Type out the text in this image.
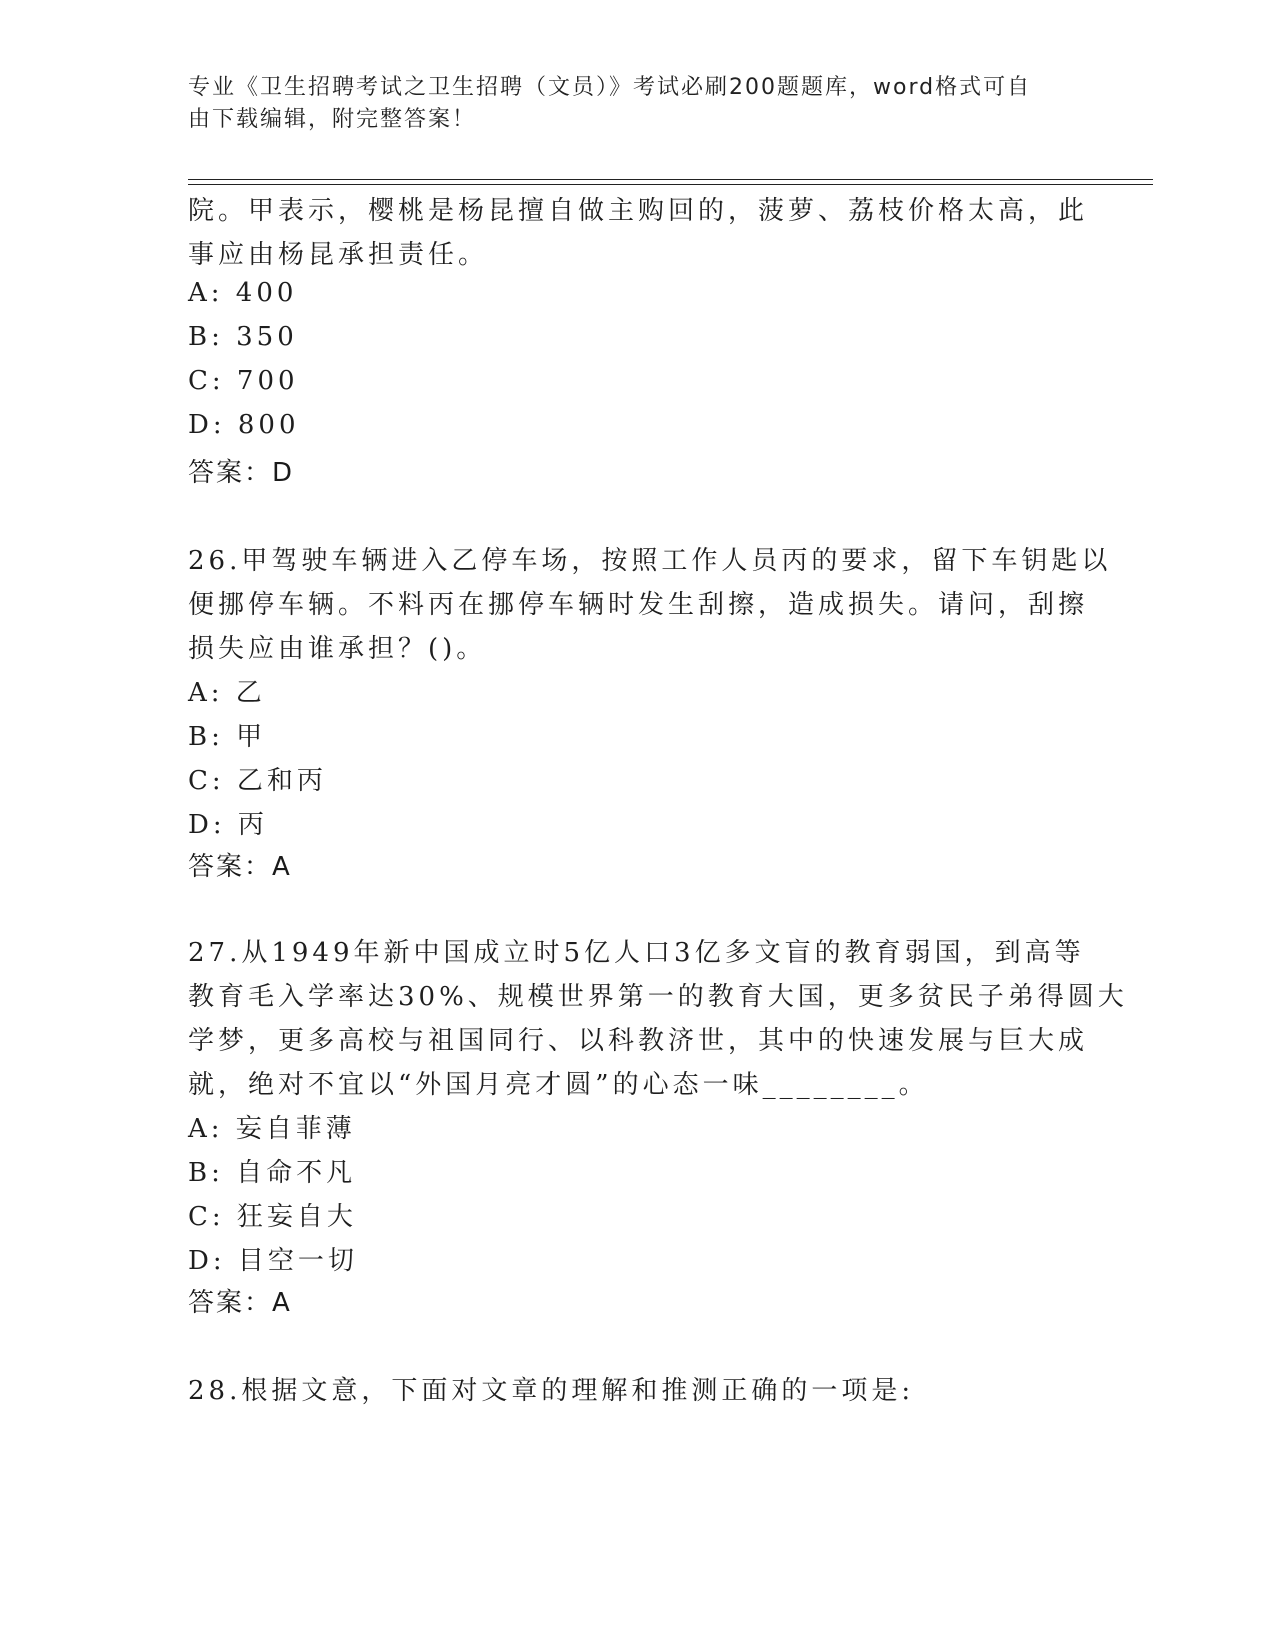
专业《卫生招聘考试之卫生招聘（文员）》考试必刷200题题库，word格式可自
由下载编辑，附完整答案！
院。甲表示，樱桃是杨昆擅自做主购回的，菠萝、荔枝价格太高，此
事应由杨昆承担责任。
A: 400
B: 350
C: 700
D: 800
答案：D
26.甲驾驶车辆进入乙停车场，按照工作人员丙的要求，留下车钥匙以
便挪停车辆。不料丙在挪停车辆时发生刮擦，造成损失。请问，刮擦
损失应由谁承担？()。
A: 乙
B: 甲
C: 乙和丙
D: 丙
答案：A
27.从1949年新中国成立时5亿人口3亿多文盲的教育弱国，到高等
教育毛入学率达30%、规模世界第一的教育大国，更多贫民子弟得圆大
学梦，更多高校与祖国同行、以科教济世，其中的快速发展与巨大成
就，绝对不宜以“外国月亮才圆”的心态一味________。
A: 妄自菲薄
B: 自命不凡
C: 狂妄自大
D: 目空一切
答案：A
28.根据文意，下面对文章的理解和推测正确的一项是:
